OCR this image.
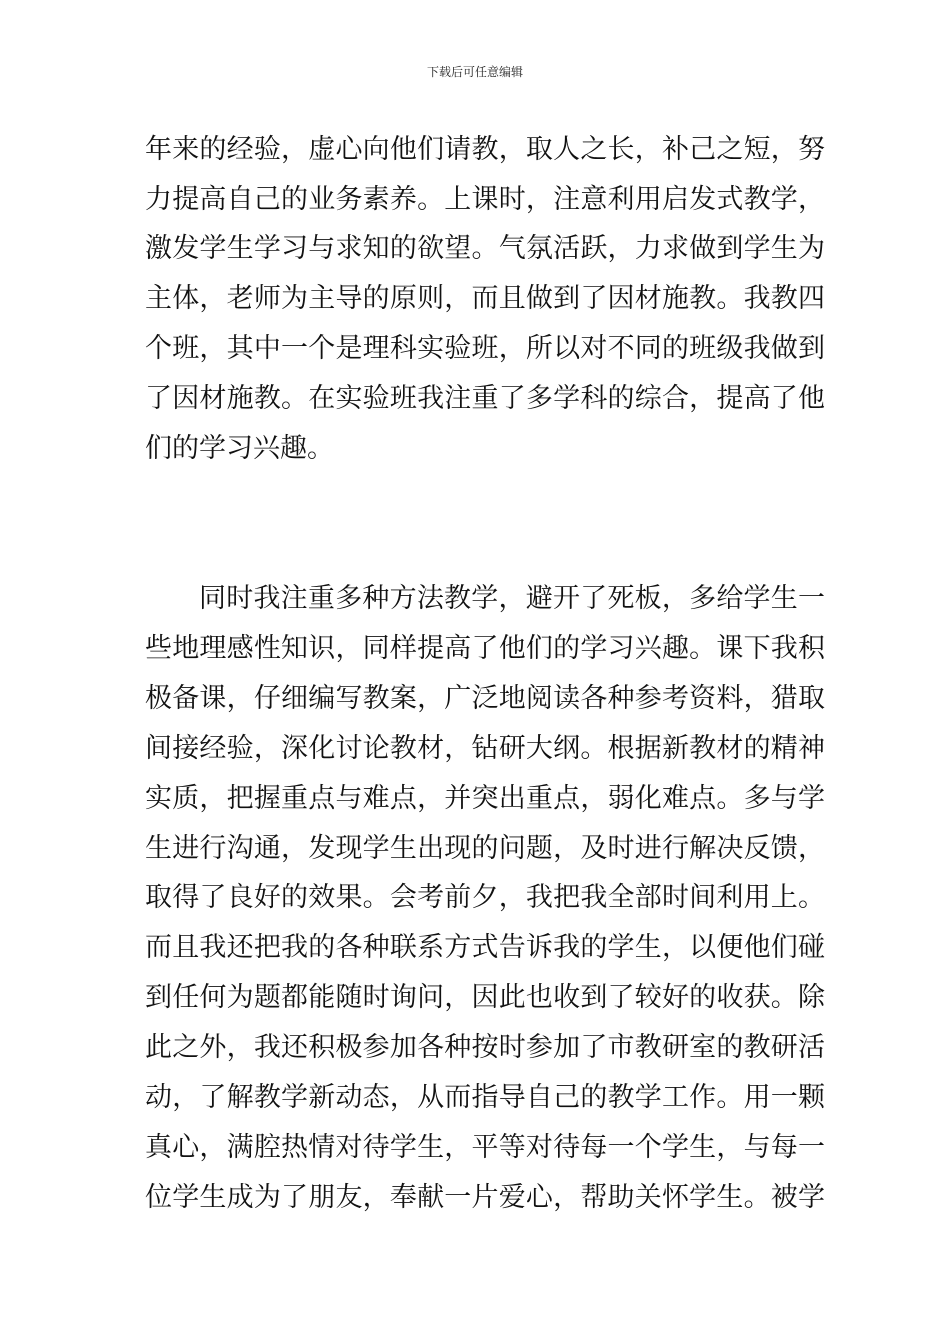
下载后可任意编辑
年来的经验，虚心向他们请教，取人之长，补己之短，努
力提高自己的业务素养。上课时，注意利用启发式教学，
激发学生学习与求知的欲望。气氛活跃，力求做到学生为
主体，老师为主导的原则，而且做到了因材施教。我教四
个班，其中一个是理科实验班，所以对不同的班级我做到
了因材施教。在实验班我注重了多学科的综合，提高了他
们的学习兴趣。
同时我注重多种方法教学，避开了死板，多给学生一
些地理感性知识，同样提高了他们的学习兴趣。课下我积
极备课，仔细编写教案，广泛地阅读各种参考资料，猎取
间接经验，深化讨论教材，钻研大纲。根据新教材的精神
实质，把握重点与难点，并突出重点，弱化难点。多与学
生进行沟通，发现学生出现的问题，及时进行解决反馈，
取得了良好的效果。会考前夕，我把我全部时间利用上。
而且我还把我的各种联系方式告诉我的学生，以便他们碰
到任何为题都能随时询问，因此也收到了较好的收获。除
此之外，我还积极参加各种按时参加了市教研室的教研活
动，了解教学新动态，从而指导自己的教学工作。用一颗
真心，满腔热情对待学生，平等对待每一个学生，与每一
位学生成为了朋友，奉献一片爱心，帮助关怀学生。被学
